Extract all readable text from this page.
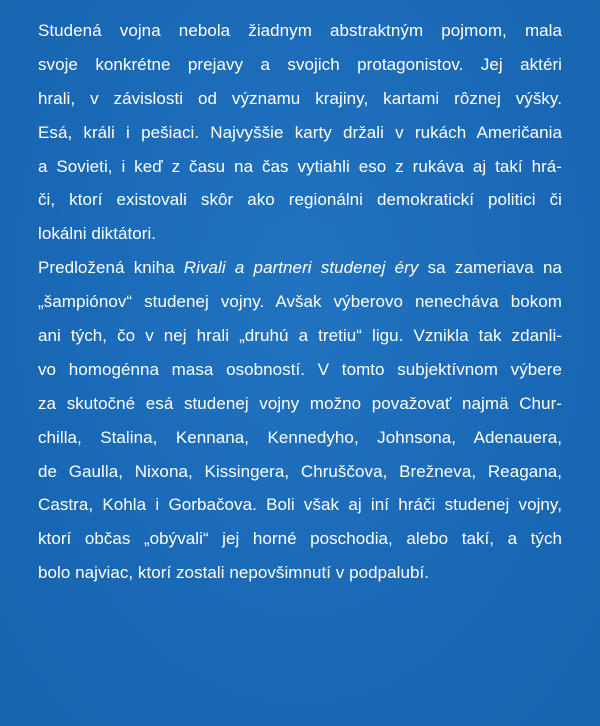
Studená vojna nebola žiadnym abstraktným pojmom, mala
svoje konkrétne prejavy a svojich protagonistov. Jej aktéri
hrali, v závislosti od významu krajiny, kartami rôznej výšky.
Esá, králi i pešiaci. Najvyššie karty držali v rukách Američania
a Sovieti, i keď z času na čas vytiahli eso z rukáva aj takí hrá-
či, ktorí existovali skôr ako regionálni demokratickí politici či
lokálni diktátori.
Predložená kniha Rivali a partneri studenej éry sa zameriava na
„šampiónov“ studenej vojny. Avšak výberovo nenecháva bokom
ani tých, čo v nej hrali „druhú a tretiu“ ligu. Vznikla tak zdanli-
vo homogénna masa osobností. V tomto subjektívnom výbere
za skutočné esá studenej vojny možno považovať najmä Chur-
chilla, Stalina, Kennana, Kennedyho, Johnsona, Adenauera,
de Gaulla, Nixona, Kissingera, Chruščova, Brežneva, Reagana,
Castra, Kohla i Gorbačova. Boli však aj iní hráči studenej vojny,
ktorí občas „obývali“ jej horné poschodia, alebo takí, a tých
bolo najviac, ktorí zostali nepovšimnutí v podpalubí.
